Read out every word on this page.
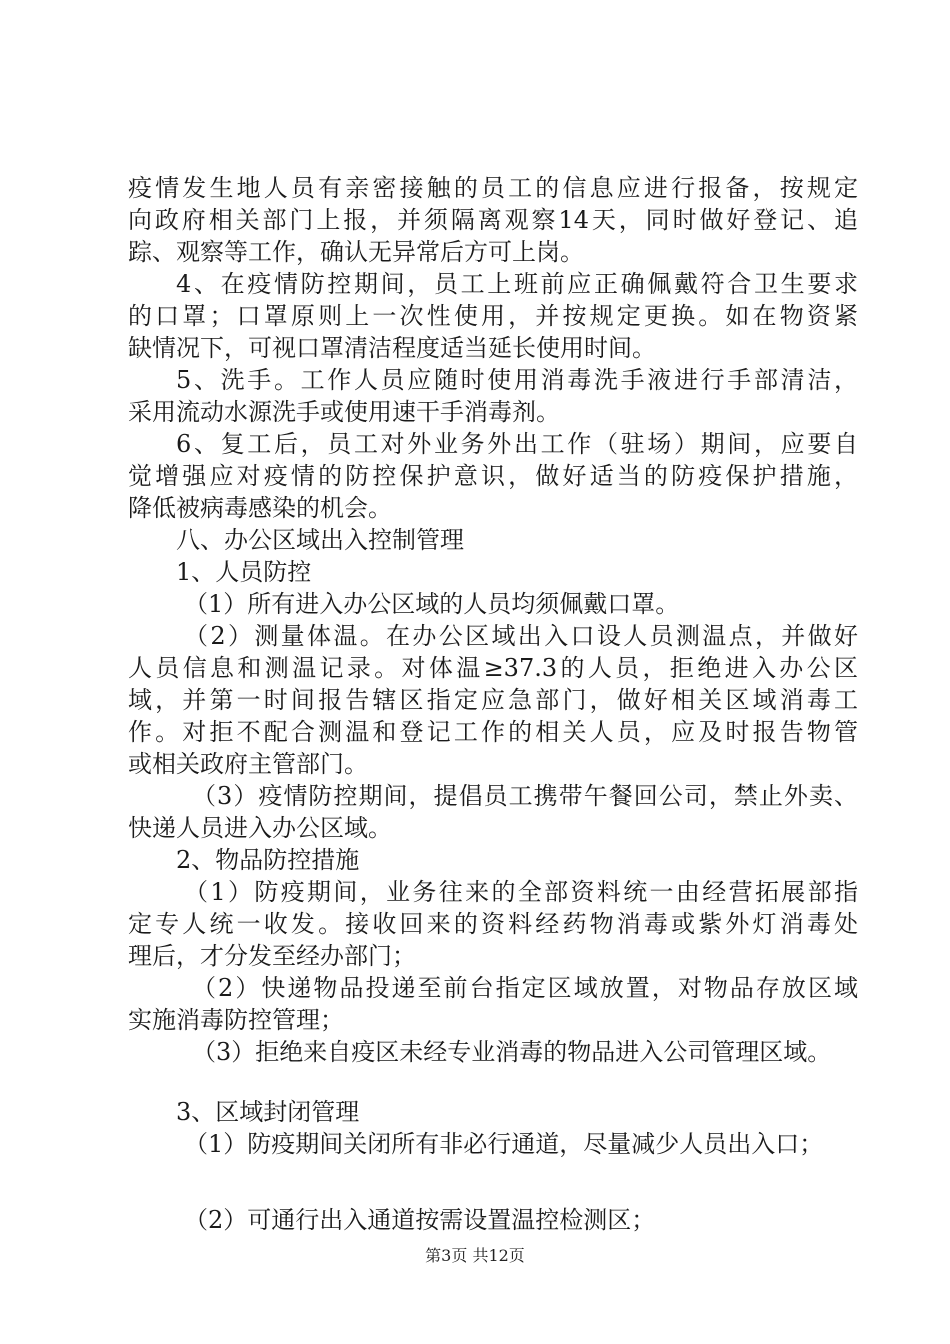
疫情发生地人员有亲密接触的员工的信息应进行报备，按规定
向政府相关部门上报，并须隔离观察14天，同时做好登记、追
踪、观察等工作，确认无异常后方可上岗。
4、在疫情防控期间，员工上班前应正确佩戴符合卫生要求
的口罩；口罩原则上一次性使用，并按规定更换。如在物资紧
缺情况下，可视口罩清洁程度适当延长使用时间。
5、洗手。工作人员应随时使用消毒洗手液进行手部清洁，
采用流动水源洗手或使用速干手消毒剂。
6、复工后，员工对外业务外出工作（驻场）期间，应要自
觉增强应对疫情的防控保护意识，做好适当的防疫保护措施，
降低被病毒感染的机会。
八、办公区域出入控制管理
1、人员防控
（1）所有进入办公区域的人员均须佩戴口罩。
（2）测量体温。在办公区域出入口设人员测温点，并做好
人员信息和测温记录。对体温≥37.3的人员，拒绝进入办公区
域，并第一时间报告辖区指定应急部门，做好相关区域消毒工
作。对拒不配合测温和登记工作的相关人员，应及时报告物管
或相关政府主管部门。
（3）疫情防控期间，提倡员工携带午餐回公司，禁止外卖、
快递人员进入办公区域。
2、物品防控措施
（1）防疫期间，业务往来的全部资料统一由经营拓展部指
定专人统一收发。接收回来的资料经药物消毒或紫外灯消毒处
理后，才分发至经办部门；
（2）快递物品投递至前台指定区域放置，对物品存放区域
实施消毒防控管理；
（3）拒绝来自疫区未经专业消毒的物品进入公司管理区域。
3、区域封闭管理
（1）防疫期间关闭所有非必行通道，尽量减少人员出入口；
（2）可通行出入通道按需设置温控检测区；
第3页 共12页
